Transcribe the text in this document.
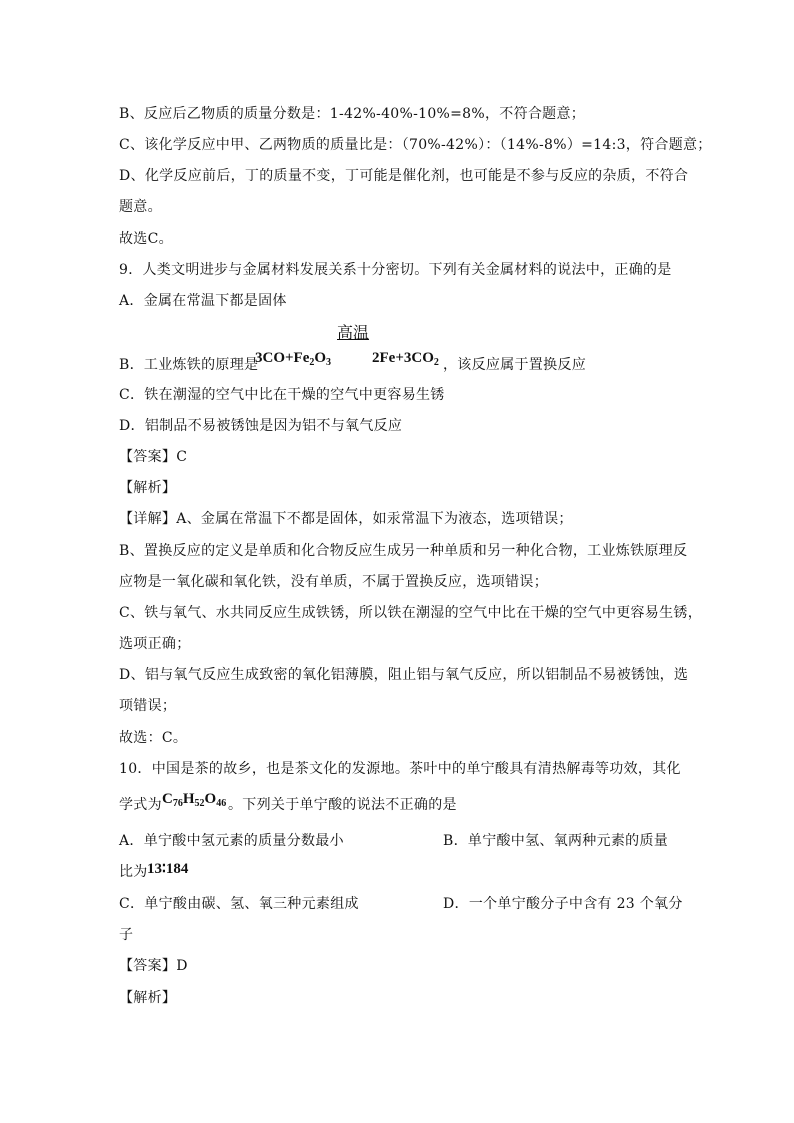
B、反应后乙物质的质量分数是：1-42%-40%-10%=8%，不符合题意；
C、该化学反应中甲、乙两物质的质量比是：（70%-42%）：（14%-8%）=14:3，符合题意；
D、化学反应前后，丁的质量不变，丁可能是催化剂，也可能是不参与反应的杂质，不符合
题意。
故选C。
9．人类文明进步与金属材料发展关系十分密切。下列有关金属材料的说法中，正确的是
A．金属在常温下都是固体
高温
B．工业炼铁的原理是
$3CO+Fe_2O_3$	$2Fe+3CO_2$ ，该反应属于置换反应
C．铁在潮湿的空气中比在干燥的空气中更容易生锈
D．铝制品不易被锈蚀是因为铝不与氧气反应
【答案】C
【解析】
【详解】A、金属在常温下不都是固体，如汞常温下为液态，选项错误；
B、置换反应的定义是单质和化合物反应生成另一种单质和另一种化合物，工业炼铁原理反
应物是一氧化碳和氧化铁，没有单质，不属于置换反应，选项错误；
C、铁与氧气、水共同反应生成铁锈，所以铁在潮湿的空气中比在干燥的空气中更容易生锈，
选项正确；
D、铝与氧气反应生成致密的氧化铝薄膜，阻止铝与氧气反应，所以铝制品不易被锈蚀，选
项错误；
故选：C。
10．中国是茶的故乡，也是茶文化的发源地。茶叶中的单宁酸具有清热解毒等功效，其化
学式为 $C_{76}H_{52}O_{46}$ 。下列关于单宁酸的说法不正确的是
A．单宁酸中氢元素的质量分数最小	B．单宁酸中氢、氧两种元素的质量
比为 13∶184
C．单宁酸由碳、氢、氧三种元素组成	D．一个单宁酸分子中含有 23 个氧分
子
【答案】D
【解析】
